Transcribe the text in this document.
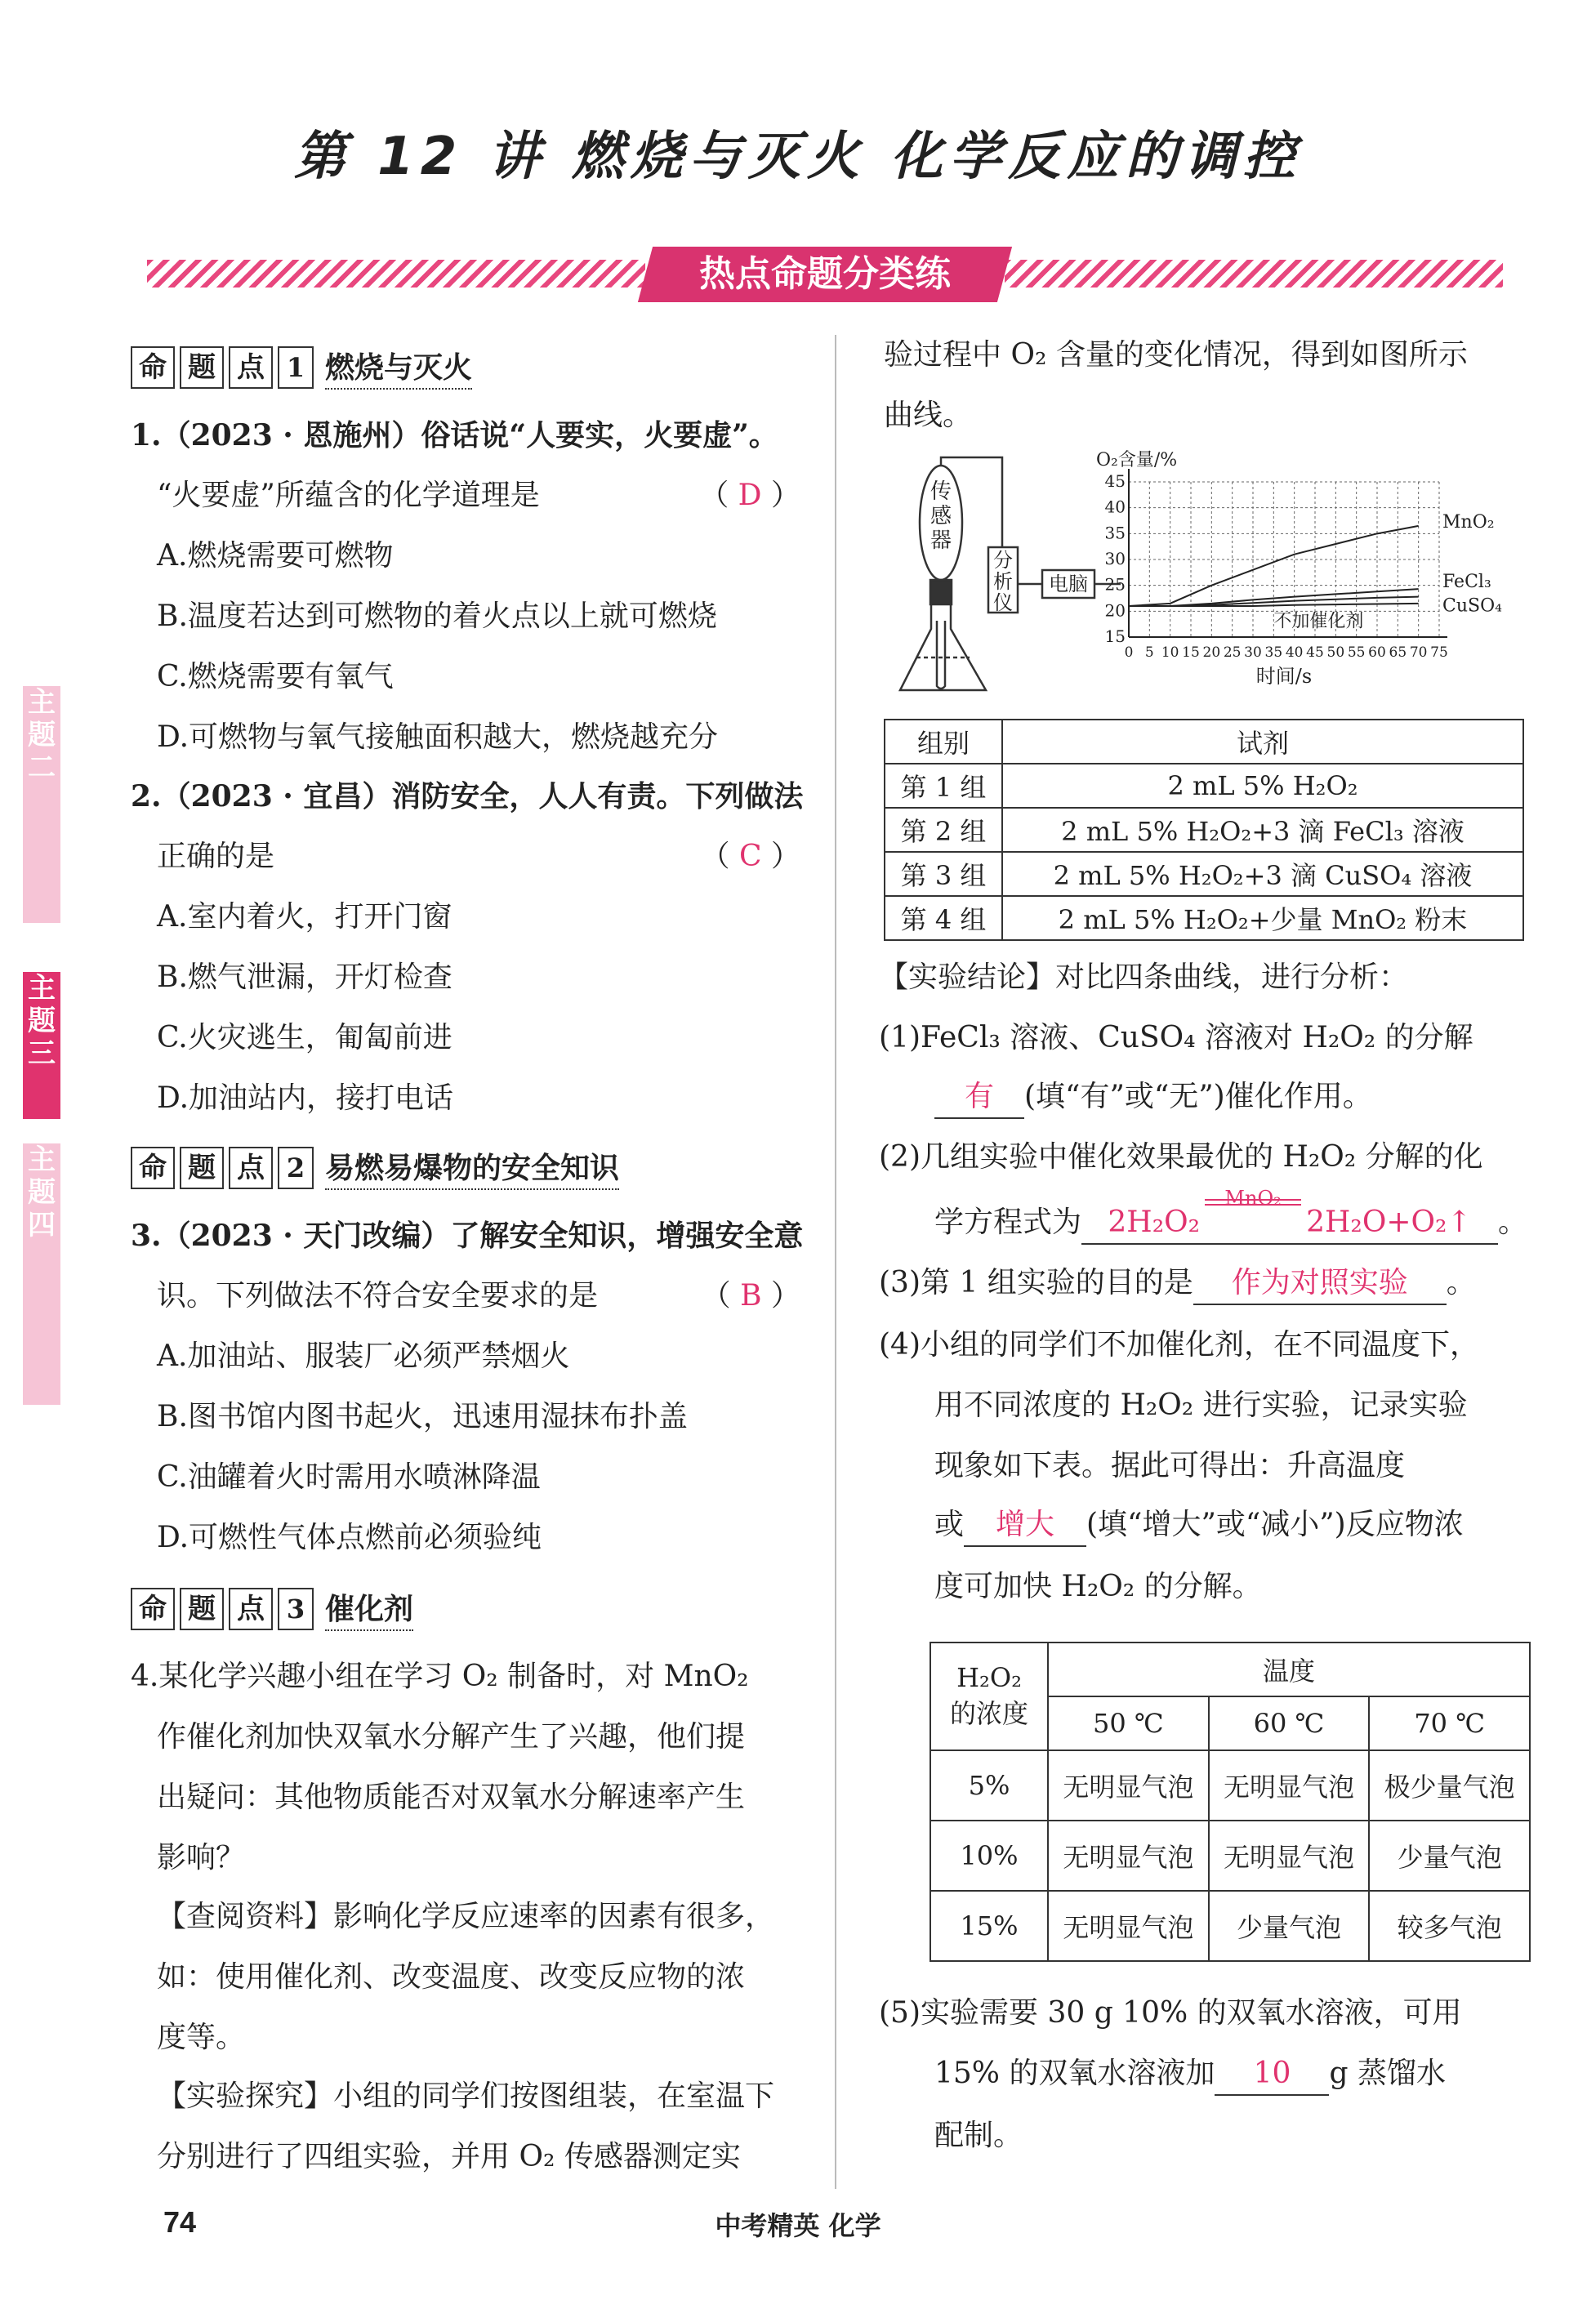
第 12 讲 燃烧与灭火 化学反应的调控
热点命题分类练
主题二
主题三
主题四
命 题 点 1 燃烧与灭火
1.（2023 · 恩施州）俗话说“人要实，火要虚”。
“火要虚”所蕴含的化学道理是	（ D ）
A.燃烧需要可燃物
B.温度若达到可燃物的着火点以上就可燃烧
C.燃烧需要有氧气
D.可燃物与氧气接触面积越大，燃烧越充分
2.（2023 · 宜昌）消防安全，人人有责。下列做法
正确的是	（ C ）
A.室内着火，打开门窗
B.燃气泄漏，开灯检查
C.火灾逃生，匍匐前进
D.加油站内，接打电话
命 题 点 2 易燃易爆物的安全知识
3.（2023 · 天门改编）了解安全知识，增强安全意
识。下列做法不符合安全要求的是	（ B ）
A.加油站、服装厂必须严禁烟火
B.图书馆内图书起火，迅速用湿抹布扑盖
C.油罐着火时需用水喷淋降温
D.可燃性气体点燃前必须验纯
命 题 点 3 催化剂
4.某化学兴趣小组在学习 O₂ 制备时，对 MnO₂
作催化剂加快双氧水分解产生了兴趣，他们提
出疑问：其他物质能否对双氧水分解速率产生
影响？
【查阅资料】影响化学反应速率的因素有很多，
如：使用催化剂、改变温度、改变反应物的浓
度等。
【实验探究】小组的同学们按图组装，在室温下
分别进行了四组实验，并用 O₂ 传感器测定实
验过程中 O₂ 含量的变化情况，得到如图所示
曲线。
传感器
分析仪
电脑
0 5 10 15 20 25 30 35 40 45 50 55 60 65 70 75
15
20
25
30
35
40
45
O₂含量/%
时间/s
MnO₂
FeCl₃
CuSO₄
不加催化剂
组别	试剂
第 1 组	2 mL 5% H₂O₂
第 2 组	2 mL 5% H₂O₂+3 滴 FeCl₃ 溶液
第 3 组	2 mL 5% H₂O₂+3 滴 CuSO₄ 溶液
第 4 组	2 mL 5% H₂O₂+少量 MnO₂ 粉末
【实验结论】对比四条曲线，进行分析：
(1)FeCl₃ 溶液、CuSO₄ 溶液对 H₂O₂ 的分解
有 (填“有”或“无”)催化作用。
(2)几组实验中催化效果最优的 H₂O₂ 分解的化
学方程式为 2H₂O₂
MnO₂
2H₂O+O₂↑ 。
(3)第 1 组实验的目的是 作为对照实验 。
(4)小组的同学们不加催化剂，在不同温度下，
用不同浓度的 H₂O₂ 进行实验，记录实验
现象如下表。据此可得出：升高温度
或 增大 (填“增大”或“减小”)反应物浓
度可加快 H₂O₂ 的分解。
H₂O₂
的浓度	温度		
	50 ℃	60 ℃	70 ℃
5%	无明显气泡	无明显气泡	极少量气泡
10%	无明显气泡	无明显气泡	少量气泡
15%	无明显气泡	少量气泡	较多气泡
(5)实验需要 30 g 10% 的双氧水溶液，可用
15% 的双氧水溶液加 10 g 蒸馏水
配制。
74	中考精英 化学
